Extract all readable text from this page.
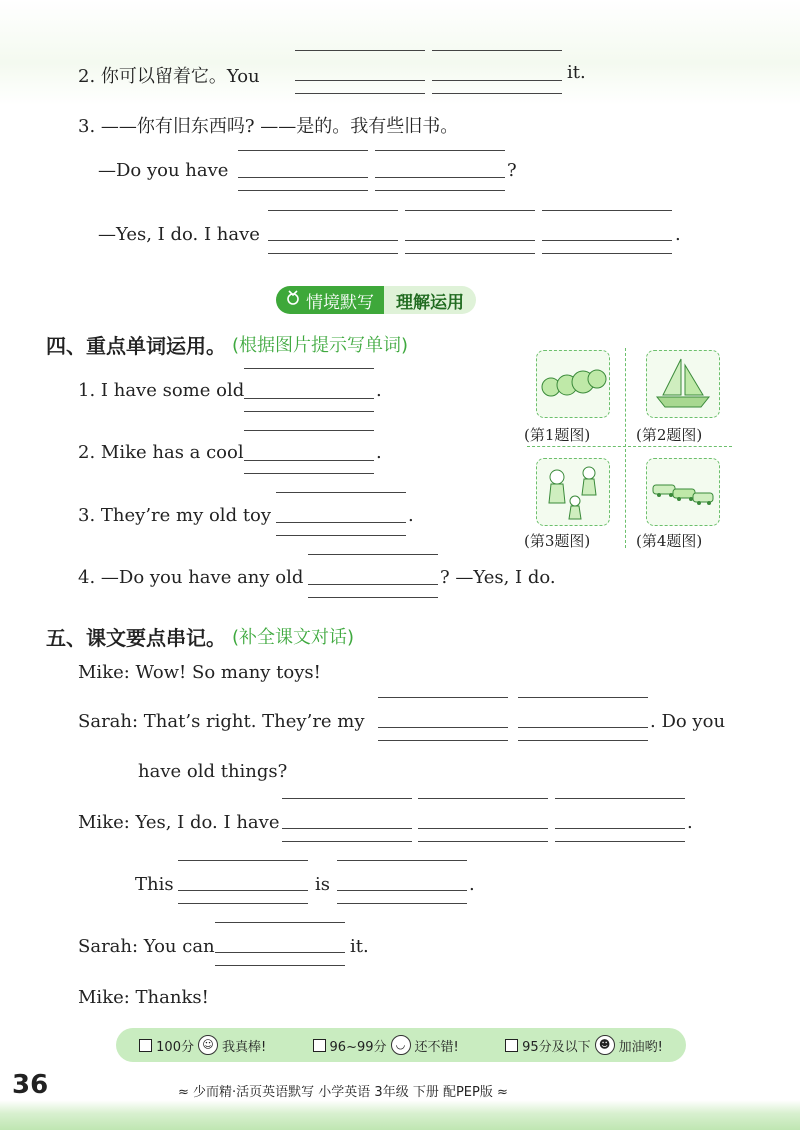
2. 你可以留着它。You	it.
3. ——你有旧东西吗? ——是的。我有些旧书。
—Do you have	?
—Yes, I do. I have	.
情境默写	理解运用
四、重点单词运用。 (根据图片提示写单词)
1. I have some old	.
2. Mike has a cool	.
3. They’re my old toy	.
4. —Do you have any old	? —Yes, I do.
(第1题图)	(第2题图)
(第3题图)	(第4题图)
五、课文要点串记。 (补全课文对话)
Mike: Wow! So many toys!
Sarah: That’s right. They’re my	. Do you
have old things?
Mike: Yes, I do. I have	.
This	is	.
Sarah: You can	it.
Mike: Thanks!
100分 ☺ 我真棒!	96~99分 ◡ 还不错!	95分及以下 ☻ 加油哟!
36	≈ 少而精·活页英语默写 小学英语 3年级 下册 配PEP版 ≈
